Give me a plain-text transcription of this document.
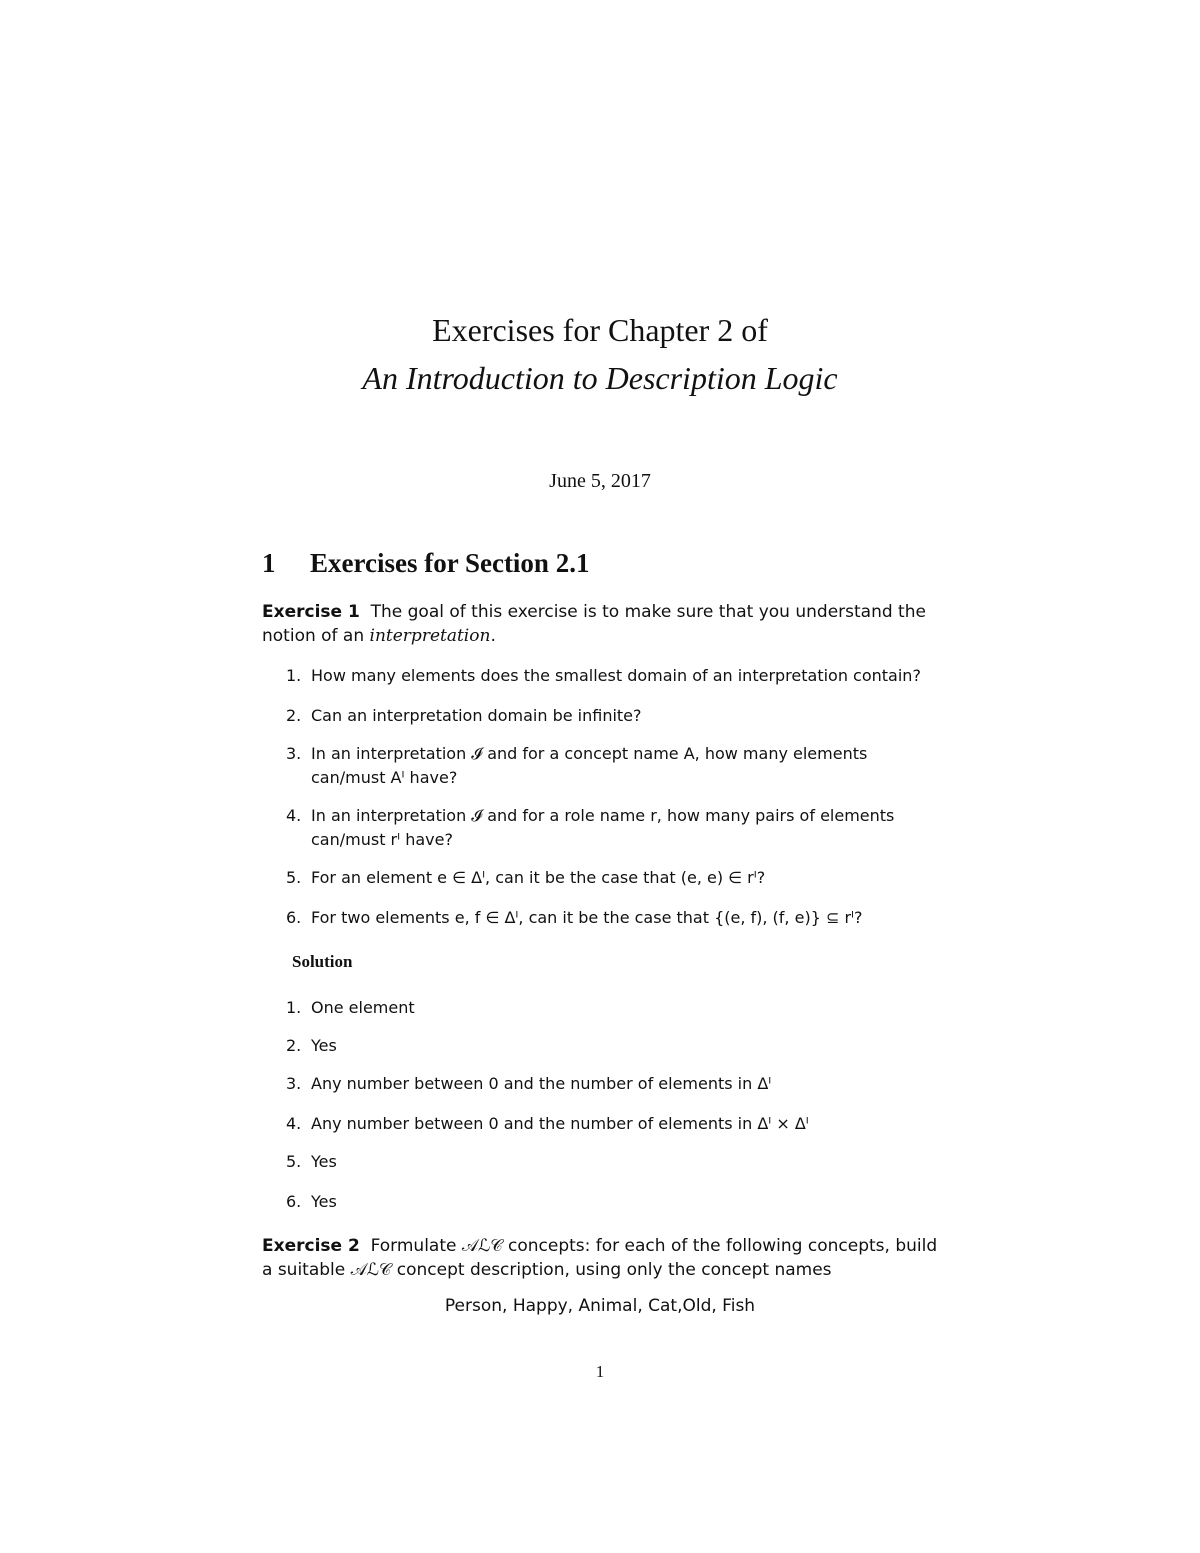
Exercises for Chapter 2 of
An Introduction to Description Logic
June 5, 2017
1 Exercises for Section 2.1
Exercise 1 The goal of this exercise is to make sure that you understand the notion of an interpretation.
1. How many elements does the smallest domain of an interpretation contain?
2. Can an interpretation domain be infinite?
3. In an interpretation 𝓘 and for a concept name A, how many elements can/must Aᴵ have?
4. In an interpretation 𝓘 and for a role name r, how many pairs of elements can/must rᴵ have?
5. For an element e ∈ Δᴵ, can it be the case that (e, e) ∈ rᴵ?
6. For two elements e, f ∈ Δᴵ, can it be the case that {(e, f), (f, e)} ⊆ rᴵ?
Solution
1. One element
2. Yes
3. Any number between 0 and the number of elements in Δᴵ
4. Any number between 0 and the number of elements in Δᴵ × Δᴵ
5. Yes
6. Yes
Exercise 2 Formulate 𝒜ℒ𝒞 concepts: for each of the following concepts, build a suitable 𝒜ℒ𝒞 concept description, using only the concept names
Person, Happy, Animal, Cat,Old, Fish
1
